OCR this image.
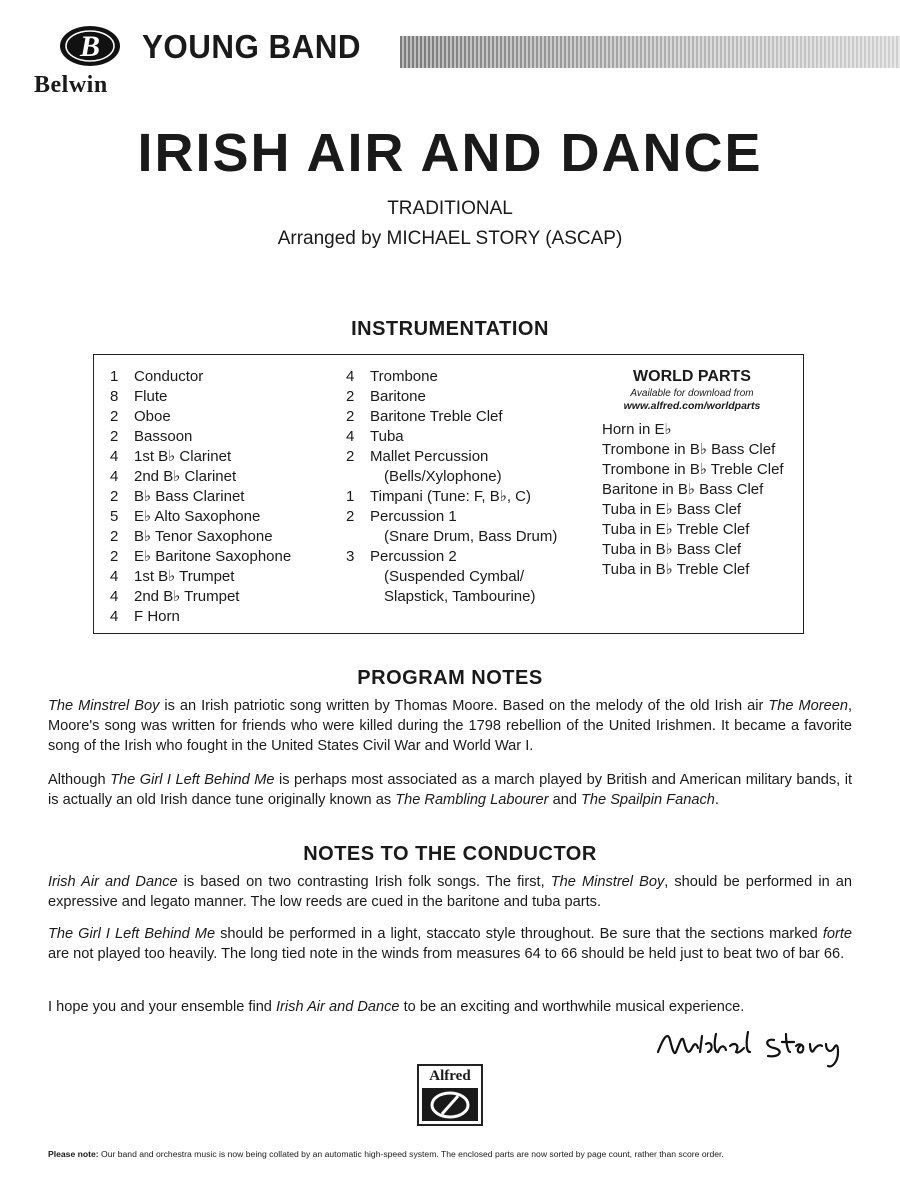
B
Belwin
YOUNG BAND
IRISH AIR AND DANCE
TRADITIONAL
Arranged by MICHAEL STORY (ASCAP)
INSTRUMENTATION
1 Conductor
8 Flute
2 Oboe
2 Bassoon
4 1st B♭ Clarinet
4 2nd B♭ Clarinet
2 B♭ Bass Clarinet
5 E♭ Alto Saxophone
2 B♭ Tenor Saxophone
2 E♭ Baritone Saxophone
4 1st B♭ Trumpet
4 2nd B♭ Trumpet
4 F Horn
4 Trombone
2 Baritone
2 Baritone Treble Clef
4 Tuba
2 Mallet Percussion
(Bells/Xylophone)
1 Timpani (Tune: F, B♭, C)
2 Percussion 1
(Snare Drum, Bass Drum)
3 Percussion 2
(Suspended Cymbal/
Slapstick, Tambourine)
WORLD PARTS
Available for download from
www.alfred.com/worldparts
Horn in E♭
Trombone in B♭ Bass Clef
Trombone in B♭ Treble Clef
Baritone in B♭ Bass Clef
Tuba in E♭ Bass Clef
Tuba in E♭ Treble Clef
Tuba in B♭ Bass Clef
Tuba in B♭ Treble Clef
PROGRAM NOTES

The Minstrel Boy is an Irish patriotic song written by Thomas Moore. Based on the melody of the old Irish air The Moreen, Moore's song was written for friends who were killed during the 1798 rebellion of the United Irishmen. It became a favorite song of the Irish who fought in the United States Civil War and World War I.

Although The Girl I Left Behind Me is perhaps most associated as a march played by British and American military bands, it is actually an old Irish dance tune originally known as The Rambling Labourer and The Spailpin Fanach.

NOTES TO THE CONDUCTOR

Irish Air and Dance is based on two contrasting Irish folk songs. The first, The Minstrel Boy, should be performed in an expressive and legato manner. The low reeds are cued in the baritone and tuba parts.

The Girl I Left Behind Me should be performed in a light, staccato style throughout. Be sure that the sections marked forte are not played too heavily. The long tied note in the winds from measures 64 to 66 should be held just to beat two of bar 66.

I hope you and your ensemble find Irish Air and Dance to be an exciting and worthwhile musical experience.

Alfred
Please note: Our band and orchestra music is now being collated by an automatic high-speed system. The enclosed parts are now sorted by page count, rather than score order.
